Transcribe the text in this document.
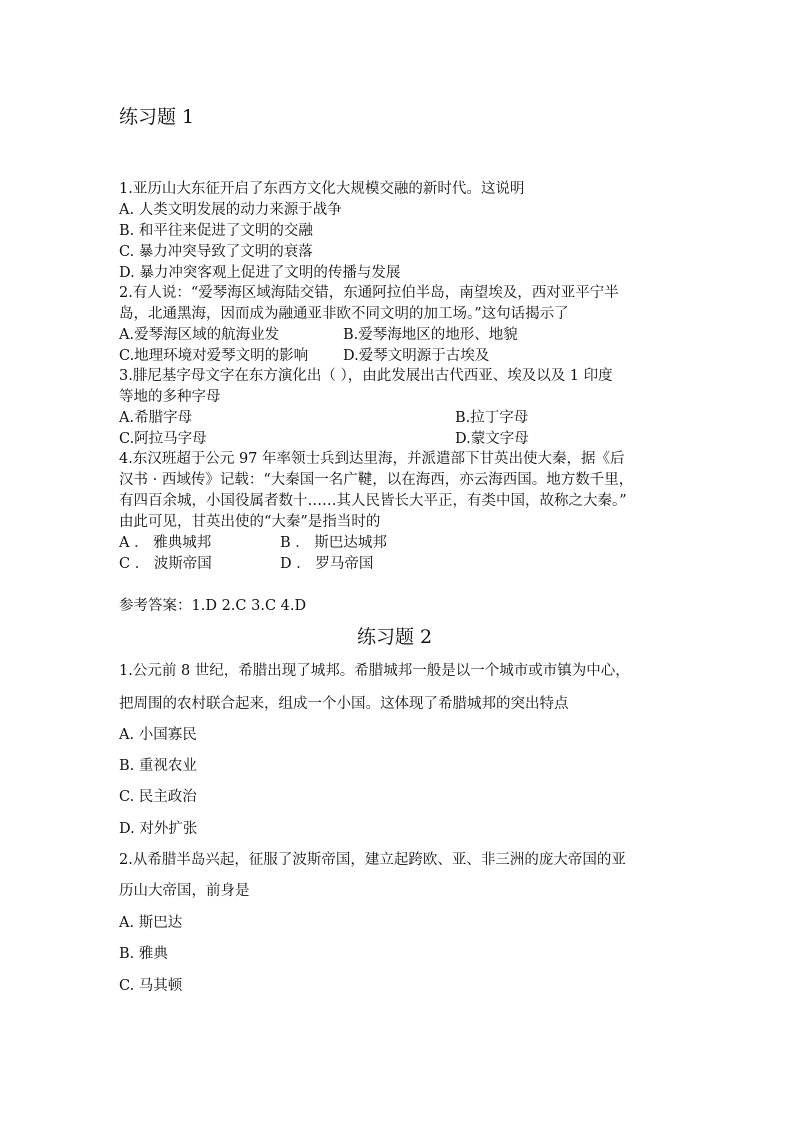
练习题 1
1.亚历山大东征开启了东西方文化大规模交融的新时代。这说明
A. 人类文明发展的动力来源于战争
B. 和平往来促进了文明的交融
C. 暴力冲突导致了文明的衰落
D. 暴力冲突客观上促进了文明的传播与发展
2.有人说：“爱琴海区域海陆交错，东通阿拉伯半岛，南望埃及，西对亚平宁半
岛，北通黑海，因而成为融通亚非欧不同文明的加工场。”这句话揭示了
A.爱琴海区域的航海业发	B.爱琴海地区的地形、地貌
C.地理环境对爱琴文明的影响 D.爱琴文明源于古埃及
3.腓尼基字母文字在东方演化出（ ），由此发展出古代西亚、埃及以及 1 印度
等地的多种字母
A.希腊字母	B.拉丁字母
C.阿拉马字母	D.蒙文字母
4.东汉班超于公元 97 年率领士兵到达里海，并派遣部下甘英出使大秦，据《后
汉书 · 西域传》记载：“大秦国一名广鞬，以在海西，亦云海西国。地方数千里，
有四百余城，小国役属者数十……其人民皆长大平正，有类中国，故称之大秦。”
由此可见，甘英出使的“大秦”是指当时的
A ． 雅典城邦	B ． 斯巴达城邦
C ． 波斯帝国	D ． 罗马帝国
参考答案：1.D 2.C 3.C 4.D
练习题 2
1.公元前 8 世纪，希腊出现了城邦。希腊城邦一般是以一个城市或市镇为中心，
把周围的农村联合起来，组成一个小国。这体现了希腊城邦的突出特点
A. 小国寡民
B. 重视农业
C. 民主政治
D. 对外扩张
2.从希腊半岛兴起，征服了波斯帝国，建立起跨欧、亚、非三洲的庞大帝国的亚
历山大帝国，前身是
A. 斯巴达
B. 雅典
C. 马其顿
